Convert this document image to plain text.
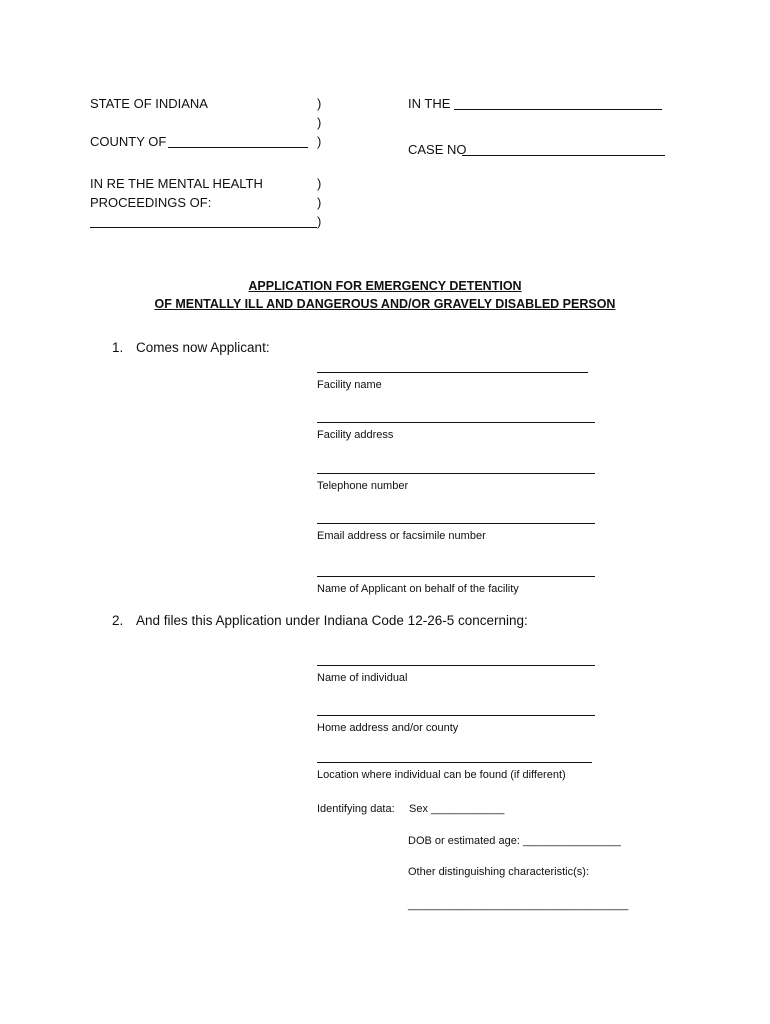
STATE OF INDIANA	)
)
)
COUNTY OF
IN THE
CASE NO
IN RE THE MENTAL HEALTH
PROCEEDINGS OF:
)
)
)
APPLICATION FOR EMERGENCY DETENTION
OF MENTALLY ILL AND DANGEROUS AND/OR GRAVELY DISABLED PERSON
1. Comes now Applicant:
Facility name
Facility address
Telephone number
Email address or facsimile number
Name of Applicant on behalf of the facility
2. And files this Application under Indiana Code 12-26-5 concerning:
Name of individual
Home address and/or county
Location where individual can be found (if different)
Identifying data: Sex ____________
DOB or estimated age: ________________
Other distinguishing characteristic(s):
____________________________________
